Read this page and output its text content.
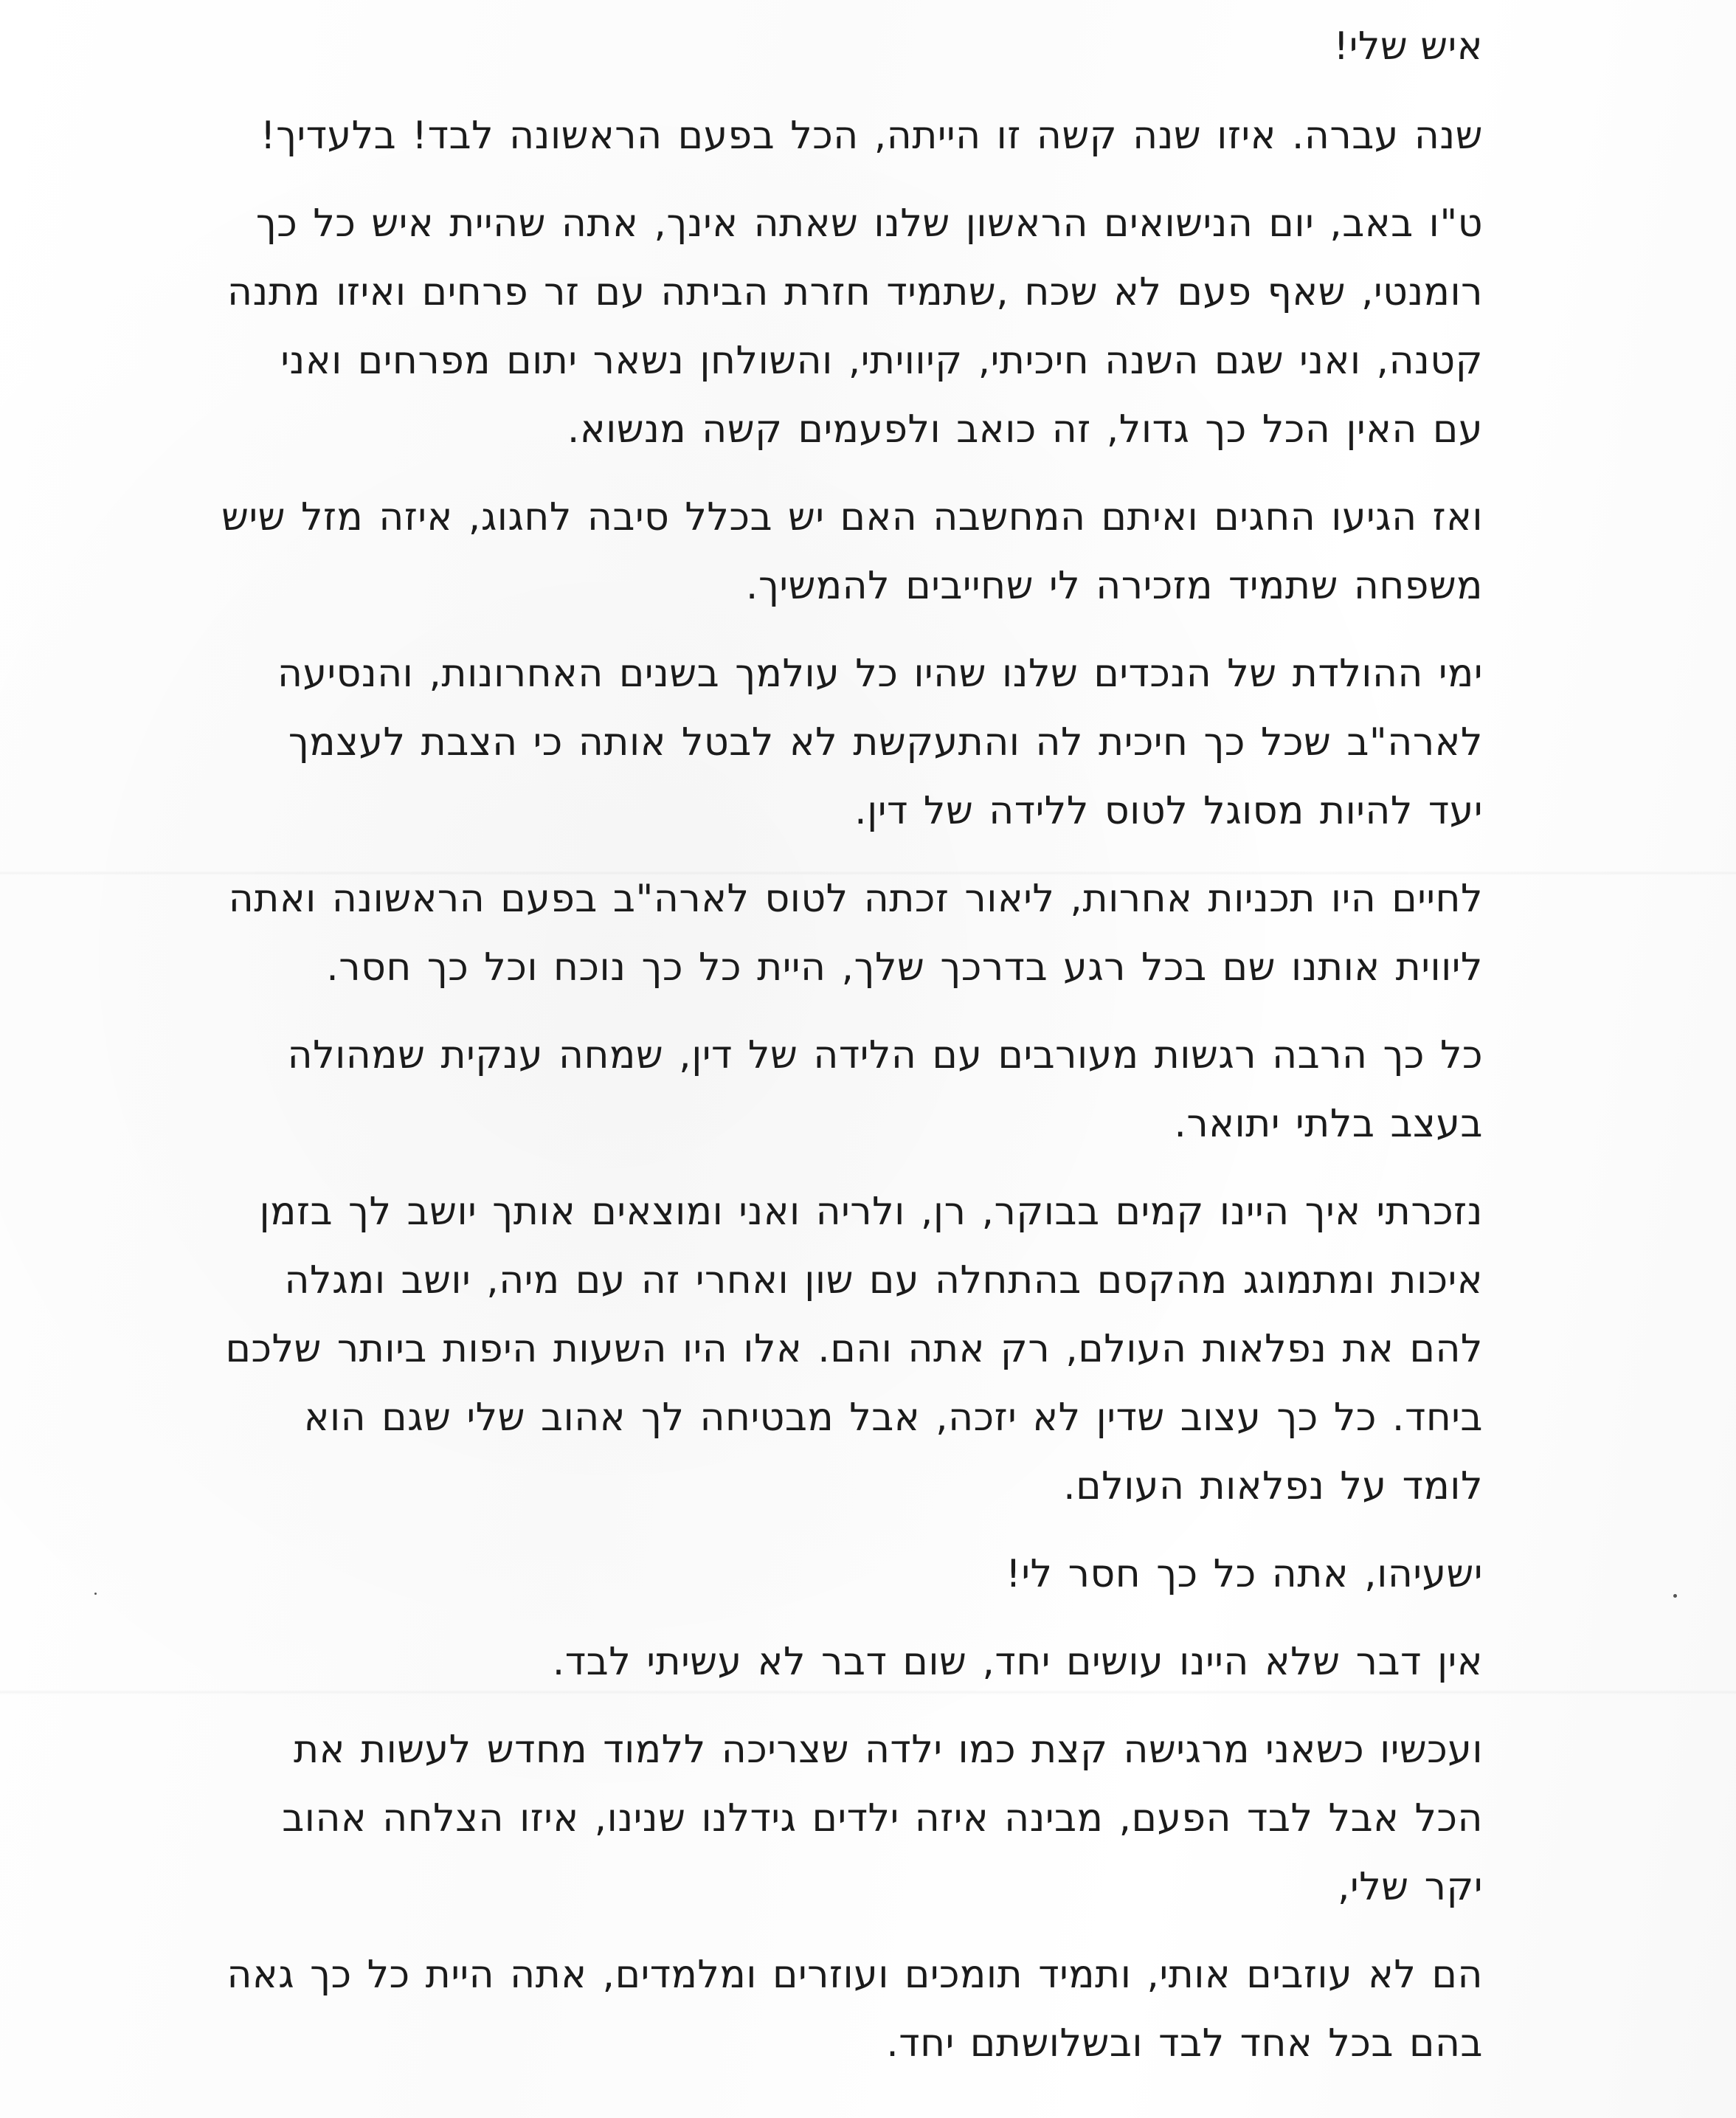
איש שלי!

שנה עברה. איזו שנה קשה זו הייתה, הכל בפעם הראשונה לבד! בלעדיך!

ט"ו באב, יום הנישואים הראשון שלנו שאתה אינך, אתה שהיית איש כל כך רומנטי, שאף פעם לא שכח ,שתמיד חזרת הביתה עם זר פרחים ואיזו מתנה קטנה, ואני שגם השנה חיכיתי, קיוויתי, והשולחן נשאר יתום מפרחים ואני עם האין הכל כך גדול, זה כואב ולפעמים קשה מנשוא.

ואז הגיעו החגים ואיתם המחשבה האם יש בכלל סיבה לחגוג, איזה מזל שיש משפחה שתמיד מזכירה לי שחייבים להמשיך.

ימי ההולדת של הנכדים שלנו שהיו כל עולמך בשנים האחרונות, והנסיעה לארה"ב שכל כך חיכית לה והתעקשת לא לבטל אותה כי הצבת לעצמך יעד להיות מסוגל לטוס ללידה של דין.

לחיים היו תכניות אחרות, ליאור זכתה לטוס לארה"ב בפעם הראשונה ואתה ליווית אותנו שם בכל רגע בדרכך שלך, היית כל כך נוכח וכל כך חסר.

כל כך הרבה רגשות מעורבים עם הלידה של דין, שמחה ענקית שמהולה בעצב בלתי יתואר.

נזכרתי איך היינו קמים בבוקר, רן, ולריה ואני ומוצאים אותך יושב לך בזמן איכות ומתמוגג מהקסם בהתחלה עם שון ואחרי זה עם מיה, יושב ומגלה להם את נפלאות העולם, רק אתה והם. אלו היו השעות היפות ביותר שלכם ביחד. כל כך עצוב שדין לא יזכה, אבל מבטיחה לך אהוב שלי שגם הוא לומד על נפלאות העולם.

ישעיהו, אתה כל כך חסר לי!

אין דבר שלא היינו עושים יחד, שום דבר לא עשיתי לבד.

ועכשיו כשאני מרגישה קצת כמו ילדה שצריכה ללמוד מחדש לעשות את הכל אבל לבד הפעם, מבינה איזה ילדים גידלנו שנינו, איזו הצלחה אהוב יקר שלי,

הם לא עוזבים אותי, ותמיד תומכים ועוזרים ומלמדים, אתה היית כל כך גאה בהם בכל אחד לבד ובשלושתם יחד.
